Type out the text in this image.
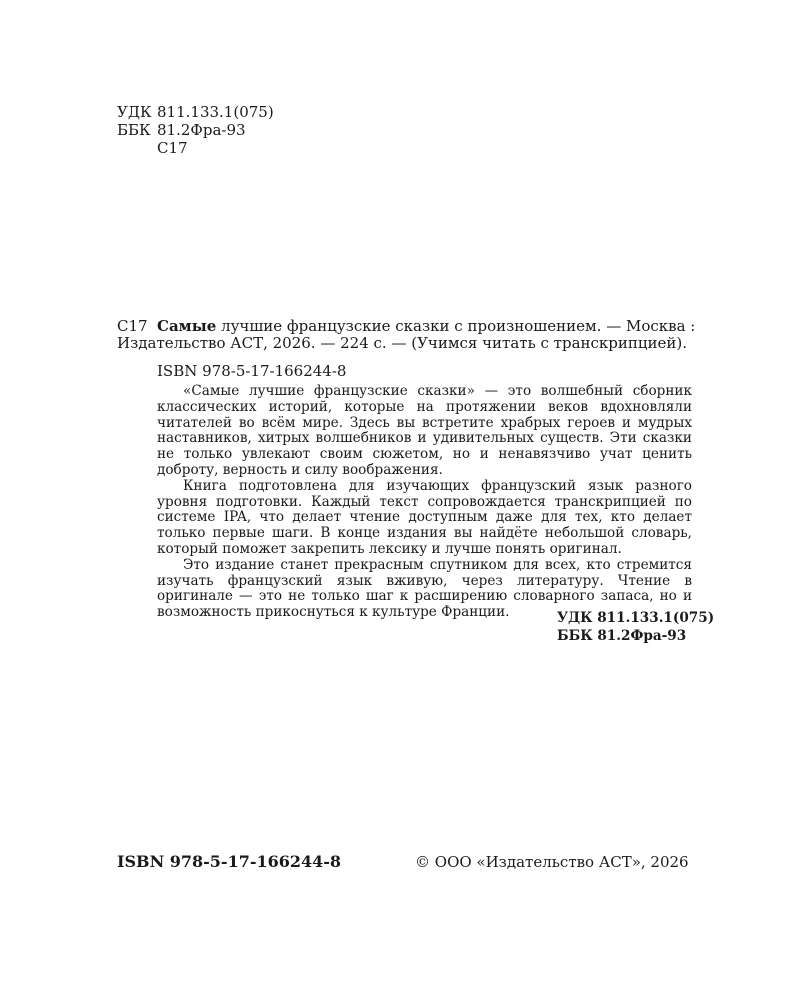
УДК 811.133.1(075)
ББК 81.2Фра-93
С17
С17 Самые лучшие французские сказки с произношением. — Москва :
Издательство АСТ, 2026. — 224 с. — (Учимся читать с транскрипцией).
ISBN 978-5-17-166244-8

«Самые лучшие французские сказки» — это волшебный сборник классических историй, которые на протяжении веков вдохновляли читателей во всём мире. Здесь вы встретите храбрых героев и мудрых наставников, хитрых волшебников и удивительных существ. Эти сказки не только увлекают своим сюжетом, но и ненавязчиво учат ценить доброту, верность и силу воображения.

Книга подготовлена для изучающих французский язык разного уровня подготовки. Каждый текст сопровождается транскрипцией по системе IPA, что делает чтение доступным даже для тех, кто делает только первые шаги. В конце издания вы найдёте небольшой словарь, который поможет закрепить лексику и лучше понять оригинал.

Это издание станет прекрасным спутником для всех, кто стремится изучать французский язык вживую, через литературу. Чтение в оригинале — это не только шаг к расширению словарного запаса, но и возможность прикоснуться к культуре Франции.	УДК 811.133.1(075)
ББК 81.2Фра-93
ISBN 978-5-17-166244-8	© ООО «Издательство АСТ», 2026
